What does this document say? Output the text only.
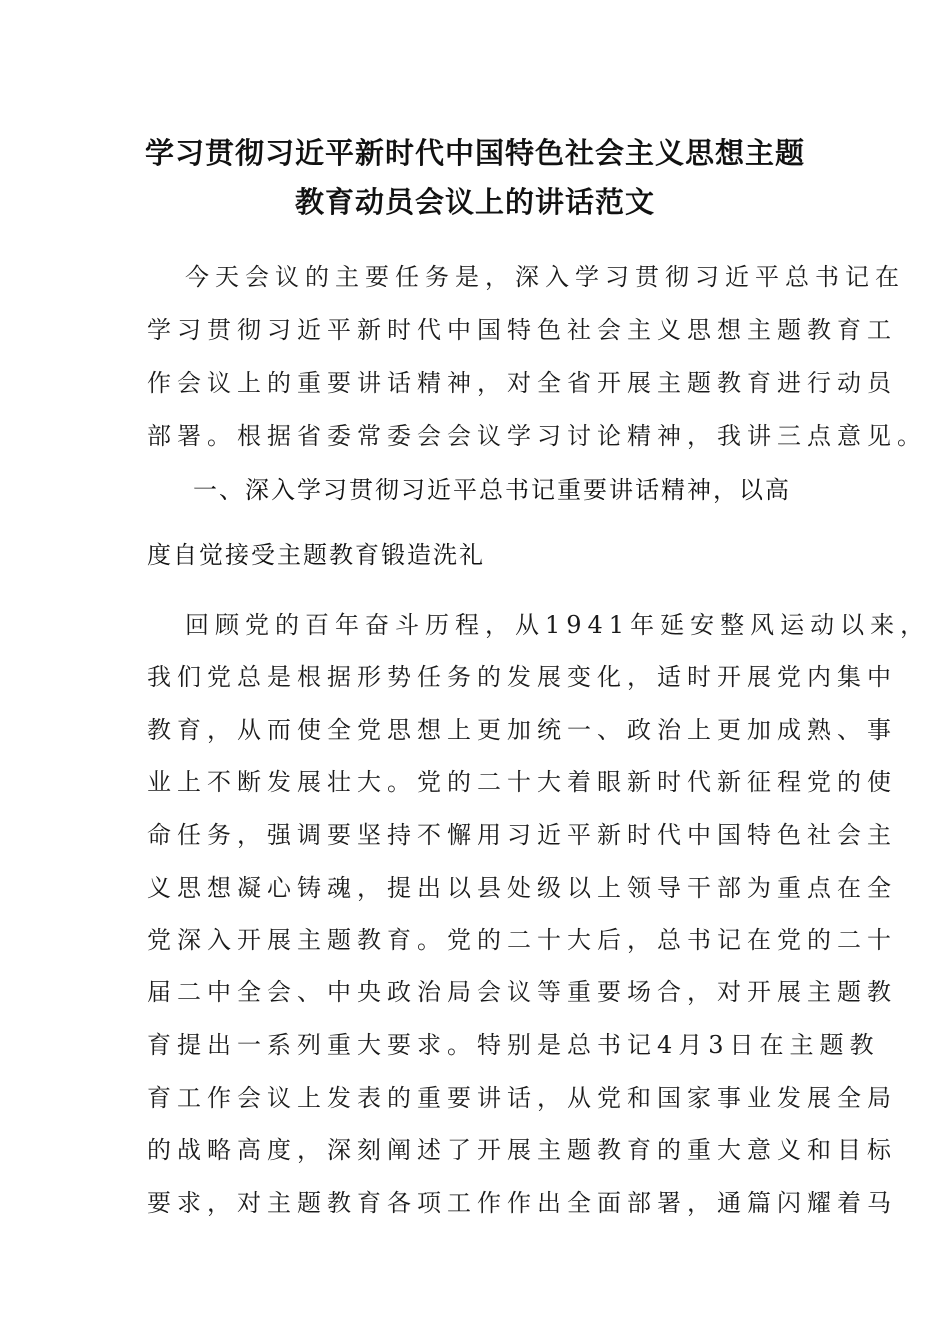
学习贯彻习近平新时代中国特色社会主义思想主题
教育动员会议上的讲话范文
今天会议的主要任务是，深入学习贯彻习近平总书记在
学习贯彻习近平新时代中国特色社会主义思想主题教育工
作会议上的重要讲话精神，对全省开展主题教育进行动员
部署。根据省委常委会会议学习讨论精神，我讲三点意见。
一、深入学习贯彻习近平总书记重要讲话精神，以高
度自觉接受主题教育锻造洗礼
回顾党的百年奋斗历程，从1941年延安整风运动以来，
我们党总是根据形势任务的发展变化，适时开展党内集中
教育，从而使全党思想上更加统一、政治上更加成熟、事
业上不断发展壮大。党的二十大着眼新时代新征程党的使
命任务，强调要坚持不懈用习近平新时代中国特色社会主
义思想凝心铸魂，提出以县处级以上领导干部为重点在全
党深入开展主题教育。党的二十大后，总书记在党的二十
届二中全会、中央政治局会议等重要场合，对开展主题教
育提出一系列重大要求。特别是总书记4月3日在主题教
育工作会议上发表的重要讲话，从党和国家事业发展全局
的战略高度，深刻阐述了开展主题教育的重大意义和目标
要求，对主题教育各项工作作出全面部署，通篇闪耀着马
